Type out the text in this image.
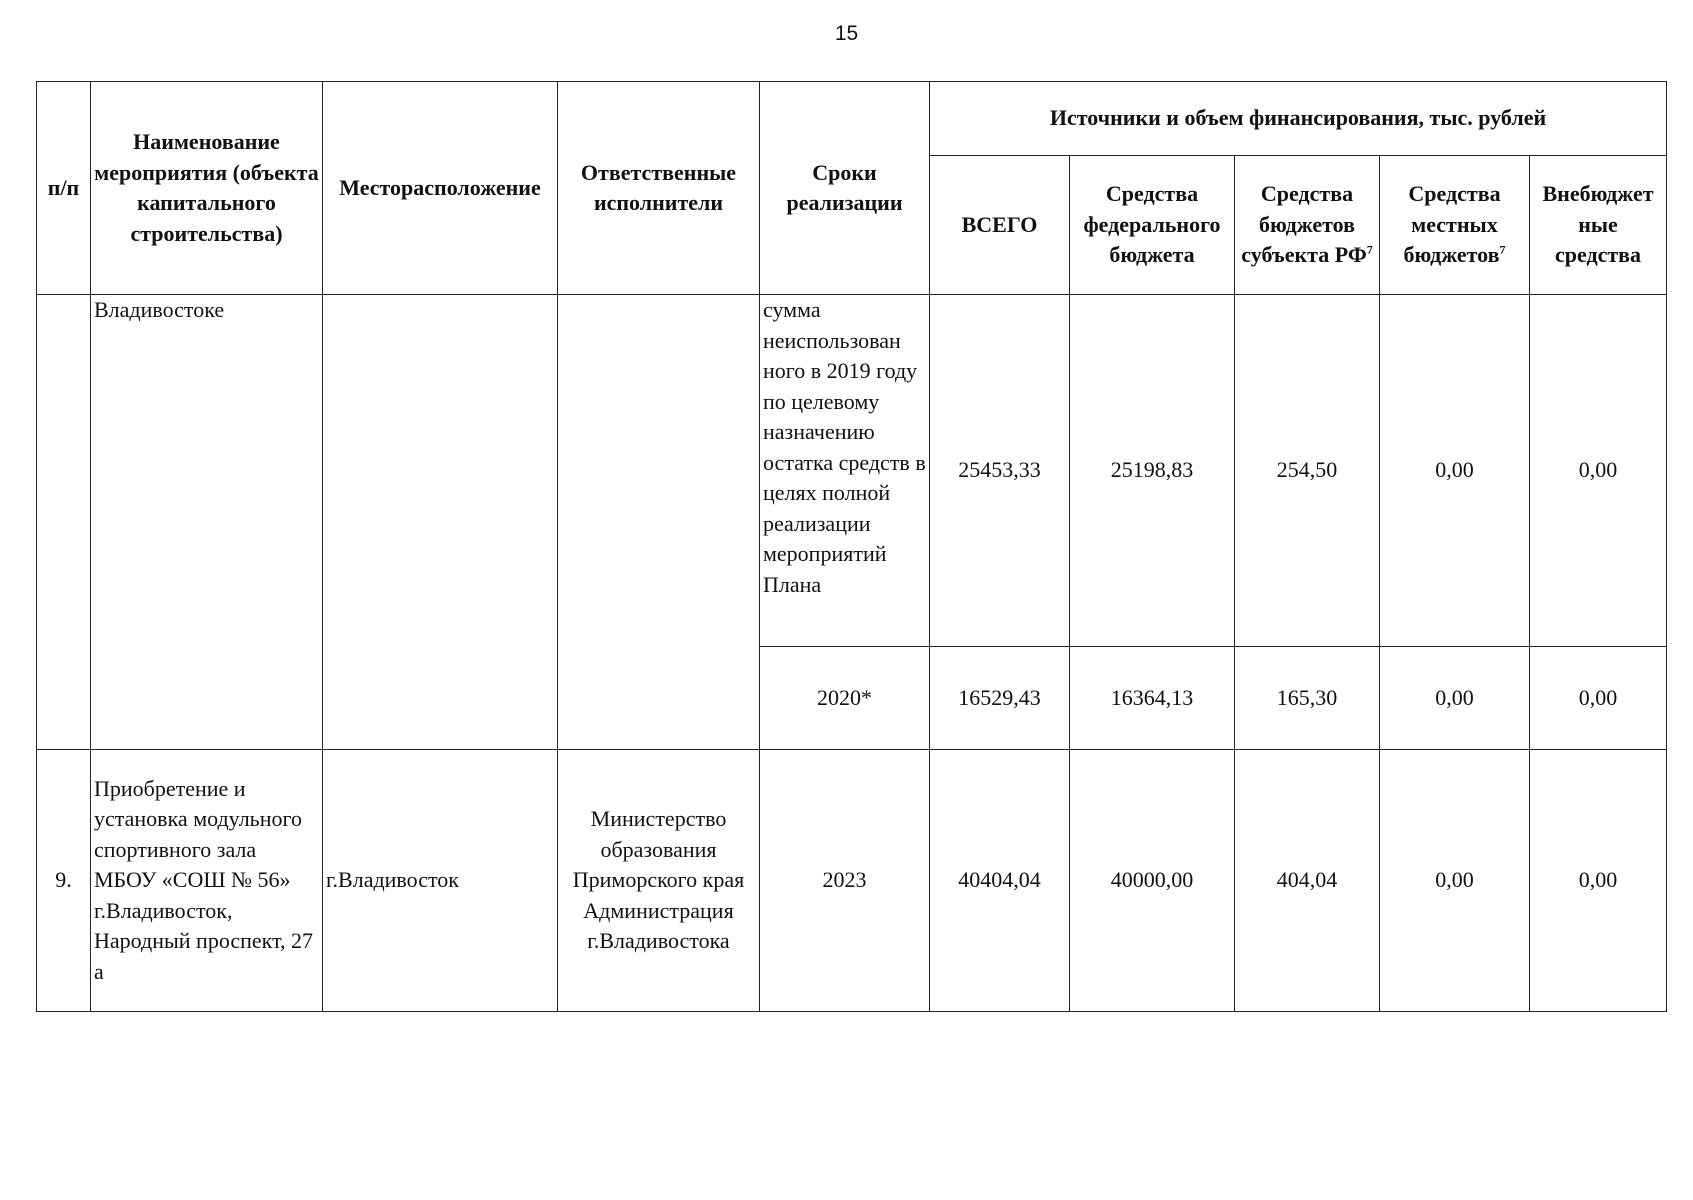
15
п/п	Наименование мероприятия (объекта капитального строительства)	Месторасположение	Ответственные исполнители	Сроки реализации	Источники и объем финансирования, тыс. рублей				
					ВСЕГО	Средства федерального бюджета	Средства бюджетов субъекта $РФ^7$	Средства местных бюджетов$^7$	Внебюджет ные средства
	Владивостоке			сумма неиспользован ного в 2019 году по целевому назначению остатка средств в целях полной реализации мероприятий Плана	25453,33	25198,83	254,50	0,00	0,00
				2020*	16529,43	16364,13	165,30	0,00	0,00
9.	Приобретение и установка модульного спортивного зала МБОУ «СОШ № 56» г.Владивосток, Народный проспект, 27 а	г.Владивосток	Министерство образования Приморского края Администрация г.Владивостока	2023	40404,04	40000,00	404,04	0,00	0,00
